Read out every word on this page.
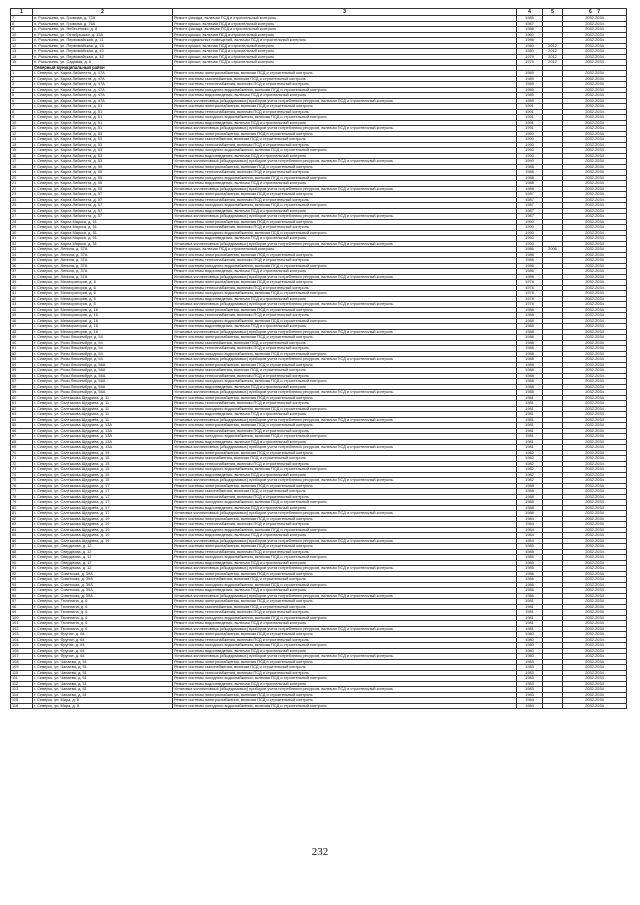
1	2	3	4	5	6 7
7	п. Розыльево, ул. Громова, д. 72А	Ремонт фасада, включая ПСД и строительный контроль	1985		2032-2034
8	п. Розыльево, ул. Громова, д. 76А	Ремонт крыши, включая ПСД и строительный контроль	1987		2032-2034
9	п. Розыльево, ул. Небесенная, д. 8	Ремонт фасада, включая ПСД и строительный контроль	1986		2032-2034
10	п. Розыльево, ул. Октябрьская, д. 15А	Ремонт крыши, включая ПСД и строительный контроль	1960		2032-2034
11	п. Розыльево, ул. Первомайская, д. 11	Ремонт подвальных помещений, включая ПСД и строительный контроль	1986		2032-2034
12	п. Розыльево, ул. Первомайская, д. 16	Ремонт крыши, включая ПСД и строительный контроль	1980	2012	2032-2034
13	п. Розыльево, ул. Первомайская, д. 40	Ремонт крыши, включая ПСД и строительный контроль	1980	2012	2032-2034
14	п. Розыльево, ул. Первомайская, д. 42	Ремонт крыши, включая ПСД и строительный контроль	1979	2012	2032-2034
15	п. Розыльево, ул. Садовая, д. 8	Ремонт крыши, включая ПСД и строительный контроль	1979	2012	2032-2034
	Северный муниципальный район				
1	г. Северск, ул. Карла Либкнехта, д. 47А	Ремонт системы электроснабжения, включая ПСД и строительный контроль	1989		2032-2034
2	г. Северск, ул. Карла Либкнехта, д. 47А	Ремонт системы газоснабжения, включая ПСД и строительный контроль	1989		2032-2034
3	г. Северск, ул. Карла Либкнехта, д. 47А	Ремонт системы теплоснабжения, включая ПСД и строительный контроль	1989		2032-2034
4	г. Северск, ул. Карла Либкнехта, д. 47А	Ремонт системы холодного водоснабжения, включая ПСД и строительный контроль	1989		2032-2034
5	г. Северск, ул. Карла Либкнехта, д. 47А	Ремонт системы водоотведения, включая ПСД и строительный контроль	1989		2032-2034
6	г. Северск, ул. Карла Либкнехта, д. 47А	Установка коллективных (общедомовых) приборов учета потребления ресурсов, включая ПСД и строительный контроль	1989		2032-2034
7	г. Северск, ул. Карла Либкнехта, д. 51	Ремонт системы электроснабжения, включая ПСД и строительный контроль	1991		2032-2034
8	г. Северск, ул. Карла Либкнехта, д. 51	Ремонт системы теплоснабжения, включая ПСД и строительный контроль	1991		2032-2034
9	г. Северск, ул. Карла Либкнехта, д. 51	Ремонт системы холодного водоснабжения, включая ПСД и строительный контроль	1991		2032-2034
10	г. Северск, ул. Карла Либкнехта, д. 51	Ремонт системы водоотведения, включая ПСД и строительный контроль	1991		2032-2034
11	г. Северск, ул. Карла Либкнехта, д. 51	Установка коллективных (общедомовых) приборов учета потребления ресурсов, включая ПСД и строительный контроль	1991		2032-2034
12	г. Северск, ул. Карла Либкнехта, д. 53	Ремонт системы электроснабжения, включая ПСД и строительный контроль	1990		2032-2034
13	г. Северск, ул. Карла Либкнехта, д. 53	Ремонт системы газоснабжения, включая ПСД и строительный контроль	1990		2032-2034
14	г. Северск, ул. Карла Либкнехта, д. 53	Ремонт системы теплоснабжения, включая ПСД и строительный контроль	1990		2032-2034
15	г. Северск, ул. Карла Либкнехта, д. 53	Ремонт системы холодного водоснабжения, включая ПСД и строительный контроль	1990		2032-2034
16	г. Северск, ул. Карла Либкнехта, д. 53	Ремонт системы водоотведения, включая ПСД и строительный контроль	1990		2032-2034
17	г. Северск, ул. Карла Либкнехта, д. 53	Установка коллективных (общедомовых) приборов учета потребления ресурсов, включая ПСД и строительный контроль	1990		2032-2034
18	г. Северск, ул. Карла Либкнехта, д. 55	Ремонт системы электроснабжения, включая ПСД и строительный контроль	1988		2032-2034
19	г. Северск, ул. Карла Либкнехта, д. 55	Ремонт системы теплоснабжения, включая ПСД и строительный контроль	1988		2032-2034
20	г. Северск, ул. Карла Либкнехта, д. 55	Ремонт системы холодного водоснабжения, включая ПСД и строительный контроль	1988		2032-2034
21	г. Северск, ул. Карла Либкнехта, д. 55	Ремонт системы водоотведения, включая ПСД и строительный контроль	1988		2032-2034
22	г. Северск, ул. Карла Либкнехта, д. 55	Установка коллективных (общедомовых) приборов учета потребления ресурсов, включая ПСД и строительный контроль	1988		2032-2034
23	г. Северск, ул. Карла Либкнехта, д. 57	Ремонт системы электроснабжения, включая ПСД и строительный контроль	1987		2032-2034
24	г. Северск, ул. Карла Либкнехта, д. 57	Ремонт системы теплоснабжения, включая ПСД и строительный контроль	1987		2032-2034
25	г. Северск, ул. Карла Либкнехта, д. 57	Ремонт системы холодного водоснабжения, включая ПСД и строительный контроль	1987		2032-2034
26	г. Северск, ул. Карла Либкнехта, д. 57	Ремонт системы водоотведения, включая ПСД и строительный контроль	1987		2032-2034
27	г. Северск, ул. Карла Либкнехта, д. 57	Установка коллективных (общедомовых) приборов учета потребления ресурсов, включая ПСД и строительный контроль	1987		2032-2034
28	г. Северск, ул. Карла Маркса, д. 51	Ремонт системы электроснабжения, включая ПСД и строительный контроль	1990		2032-2034
29	г. Северск, ул. Карла Маркса, д. 51	Ремонт системы теплоснабжения, включая ПСД и строительный контроль	1990		2032-2034
30	г. Северск, ул. Карла Маркса, д. 51	Ремонт системы холодного водоснабжения, включая ПСД и строительный контроль	1990		2032-2034
31	г. Северск, ул. Карла Маркса, д. 51	Ремонт системы водоотведения, включая ПСД и строительный контроль	1990		2032-2034
32	г. Северск, ул. Карла Маркса, д. 51	Установка коллективных (общедомовых) приборов учета потребления ресурсов, включая ПСД и строительный контроль	1990		2032-2034
33	г. Северск, ул. Ленина, д. 37А	Ремонт крыши, включая ПСД и строительный контроль	1986	2006	2032-2034
34	г. Северск, ул. Ленина, д. 37А	Ремонт системы электроснабжения, включая ПСД и строительный контроль	1986		2032-2034
35	г. Северск, ул. Ленина, д. 37А	Ремонт системы теплоснабжения, включая ПСД и строительный контроль	1986		2032-2034
36	г. Северск, ул. Ленина, д. 37А	Ремонт системы холодного водоснабжения, включая ПСД и строительный контроль	1986		2032-2034
37	г. Северск, ул. Ленина, д. 37А	Ремонт системы водоотведения, включая ПСД и строительный контроль	1986		2032-2034
38	г. Северск, ул. Ленина, д. 37А	Установка коллективных (общедомовых) приборов учета потребления ресурсов, включая ПСД и строительный контроль	1986		2032-2034
39	г. Северск, ул. Мелиораторов, д. 6	Ремонт системы электроснабжения, включая ПСД и строительный контроль	1978		2032-2034
40	г. Северск, ул. Мелиораторов, д. 6	Ремонт системы теплоснабжения, включая ПСД и строительный контроль	1978		2032-2034
41	г. Северск, ул. Мелиораторов, д. 6	Ремонт системы холодного водоснабжения, включая ПСД и строительный контроль	1978		2032-2034
42	г. Северск, ул. Мелиораторов, д. 6	Ремонт системы водоотведения, включая ПСД и строительный контроль	1978		2032-2034
43	г. Северск, ул. Мелиораторов, д. 6	Установка коллективных (общедомовых) приборов учета потребления ресурсов, включая ПСД и строительный контроль	1978		2032-2034
44	г. Северск, ул. Мелиораторов, д. 16	Ремонт системы электроснабжения, включая ПСД и строительный контроль	1988		2032-2034
45	г. Северск, ул. Мелиораторов, д. 16	Ремонт системы теплоснабжения, включая ПСД и строительный контроль	1988		2032-2034
46	г. Северск, ул. Мелиораторов, д. 16	Ремонт системы холодного водоснабжения, включая ПСД и строительный контроль	1988		2032-2034
47	г. Северск, ул. Мелиораторов, д. 16	Ремонт системы водоотведения, включая ПСД и строительный контроль	1988		2032-2034
48	г. Северск, ул. Мелиораторов, д. 16	Установка коллективных (общедомовых) приборов учета потребления ресурсов, включая ПСД и строительный контроль	1988		2032-2034
49	г. Северск, ул. Розы Люксембург, д. 54	Ремонт системы электроснабжения, включая ПСД и строительный контроль	1988		2032-2034
50	г. Северск, ул. Розы Люксембург, д. 54	Ремонт системы газоснабжения, включая ПСД и строительный контроль	1988		2032-2034
51	г. Северск, ул. Розы Люксембург, д. 54	Ремонт системы теплоснабжения, включая ПСД и строительный контроль	1988		2032-2034
52	г. Северск, ул. Розы Люксембург, д. 54	Ремонт системы холодного водоснабжения, включая ПСД и строительный контроль	1988		2032-2034
53	г. Северск, ул. Розы Люксембург, д. 54	Установка коллективных (общедомовых) приборов учета потребления ресурсов, включая ПСД и строительный контроль	1988		2032-2034
54	г. Северск, ул. Розы Люксембург, д. 56А	Ремонт системы электроснабжения, включая ПСД и строительный контроль	1988		2032-2034
55	г. Северск, ул. Розы Люксембург, д. 56А	Ремонт системы газоснабжения, включая ПСД и строительный контроль	1988		2032-2034
56	г. Северск, ул. Розы Люксембург, д. 56А	Ремонт системы теплоснабжения, включая ПСД и строительный контроль	1988		2032-2034
57	г. Северск, ул. Розы Люксембург, д. 56А	Ремонт системы холодного водоснабжения, включая ПСД и строительный контроль	1988		2032-2034
58	г. Северск, ул. Розы Люксембург, д. 56А	Ремонт системы водоотведения, включая ПСД и строительный контроль	1988		2032-2034
59	г. Северск, ул. Розы Люксембург, д. 56А	Установка коллективных (общедомовых) приборов учета потребления ресурсов, включая ПСД и строительный контроль	1988		2032-2034
60	г. Северск, ул. Салтыкова-Щедрина, д. 11	Ремонт системы электроснабжения, включая ПСД и строительный контроль	1981		2032-2034
61	г. Северск, ул. Салтыкова-Щедрина, д. 11	Ремонт системы теплоснабжения, включая ПСД и строительный контроль	1981		2032-2034
62	г. Северск, ул. Салтыкова-Щедрина, д. 11	Ремонт системы холодного водоснабжения, включая ПСД и строительный контроль	1981		2032-2034
63	г. Северск, ул. Салтыкова-Щедрина, д. 11	Ремонт системы водоотведения, включая ПСД и строительный контроль	1981		2032-2034
64	г. Северск, ул. Салтыкова-Щедрина, д. 11	Установка коллективных (общедомовых) приборов учета потребления ресурсов, включая ПСД и строительный контроль	1981		2032-2034
65	г. Северск, ул. Салтыкова-Щедрина, д. 13А	Ремонт системы электроснабжения, включая ПСД и строительный контроль	1981		2032-2034
66	г. Северск, ул. Салтыкова-Щедрина, д. 13А	Ремонт системы теплоснабжения, включая ПСД и строительный контроль	1981		2032-2034
67	г. Северск, ул. Салтыкова-Щедрина, д. 13А	Ремонт системы холодного водоснабжения, включая ПСД и строительный контроль	1981		2032-2034
68	г. Северск, ул. Салтыкова-Щедрина, д. 13А	Ремонт системы водоотведения, включая ПСД и строительный контроль	1981		2032-2034
69	г. Северск, ул. Салтыкова-Щедрина, д. 13А	Установка коллективных (общедомовых) приборов учета потребления ресурсов, включая ПСД и строительный контроль	1981		2032-2034
70	г. Северск, ул. Салтыкова-Щедрина, д. 15	Ремонт системы электроснабжения, включая ПСД и строительный контроль	1982		2032-2034
71	г. Северск, ул. Салтыкова-Щедрина, д. 15	Ремонт системы газоснабжения, включая ПСД и строительный контроль	1982		2032-2034
72	г. Северск, ул. Салтыкова-Щедрина, д. 15	Ремонт системы теплоснабжения, включая ПСД и строительный контроль	1982		2032-2034
73	г. Северск, ул. Салтыкова-Щедрина, д. 15	Ремонт системы холодного водоснабжения, включая ПСД и строительный контроль	1982		2032-2034
74	г. Северск, ул. Салтыкова-Щедрина, д. 15	Ремонт системы водоотведения, включая ПСД и строительный контроль	1982		2032-2034
75	г. Северск, ул. Салтыкова-Щедрина, д. 15	Установка коллективных (общедомовых) приборов учета потребления ресурсов, включая ПСД и строительный контроль	1982		2032-2034
76	г. Северск, ул. Салтыкова-Щедрина, д. 17	Ремонт системы электроснабжения, включая ПСД и строительный контроль	1988		2032-2034
77	г. Северск, ул. Салтыкова-Щедрина, д. 17	Ремонт системы газоснабжения, включая ПСД и строительный контроль	1988		2032-2034
78	г. Северск, ул. Салтыкова-Щедрина, д. 17	Ремонт системы теплоснабжения, включая ПСД и строительный контроль	1988		2032-2034
79	г. Северск, ул. Салтыкова-Щедрина, д. 17	Ремонт системы холодного водоснабжения, включая ПСД и строительный контроль	1988		2032-2034
80	г. Северск, ул. Салтыкова-Щедрина, д. 17	Ремонт системы водоотведения, включая ПСД и строительный контроль	1988		2032-2034
81	г. Северск, ул. Салтыкова-Щедрина, д. 17	Установка коллективных (общедомовых) приборов учета потребления ресурсов, включая ПСД и строительный контроль	1988		2032-2034
82	г. Северск, ул. Салтыкова-Щедрина, д. 19	Ремонт системы электроснабжения, включая ПСД и строительный контроль	1984		2032-2034
83	г. Северск, ул. Салтыкова-Щедрина, д. 19	Ремонт системы теплоснабжения, включая ПСД и строительный контроль	1984		2032-2034
84	г. Северск, ул. Салтыкова-Щедрина, д. 19	Ремонт системы холодного водоснабжения, включая ПСД и строительный контроль	1984		2032-2034
85	г. Северск, ул. Салтыкова-Щедрина, д. 19	Ремонт системы водоотведения, включая ПСД и строительный контроль	1984		2032-2034
86	г. Северск, ул. Салтыкова-Щедрина, д. 19	Установка коллективных (общедомовых) приборов учета потребления ресурсов, включая ПСД и строительный контроль	1984		2032-2034
87	г. Северск, ул. Свердлова, д. 12	Ремонт системы электроснабжения, включая ПСД и строительный контроль	1985		2032-2034
88	г. Северск, ул. Свердлова, д. 12	Ремонт системы теплоснабжения, включая ПСД и строительный контроль	1985		2032-2034
89	г. Северск, ул. Свердлова, д. 12	Ремонт системы холодного водоснабжения, включая ПСД и строительный контроль	1985		2032-2034
90	г. Северск, ул. Свердлова, д. 12	Ремонт системы водоотведения, включая ПСД и строительный контроль	1985		2032-2034
91	г. Северск, ул. Свердлова, д. 12	Установка коллективных (общедомовых) приборов учета потребления ресурсов, включая ПСД и строительный контроль	1985		2032-2034
92	г. Северск, ул. Советская, д. 39А	Ремонт системы электроснабжения, включая ПСД и строительный контроль	1986		2032-2034
93	г. Северск, ул. Советская, д. 39А	Ремонт системы газоснабжения, включая ПСД и строительный контроль	1986		2032-2034
94	г. Северск, ул. Советская, д. 39А	Ремонт системы холодного водоснабжения, включая ПСД и строительный контроль	1986		2032-2034
95	г. Северск, ул. Советская, д. 39А	Ремонт системы водоотведения, включая ПСД и строительный контроль	1986		2032-2034
96	г. Северск, ул. Советская, д. 39А	Установка коллективных (общедомовых) приборов учета потребления ресурсов, включая ПСД и строительный контроль	1986		2032-2034
97	г. Северск, ул. Тюленина, д. 6	Ремонт системы электроснабжения, включая ПСД и строительный контроль	1981		2032-2034
98	г. Северск, ул. Тюленина, д. 6	Ремонт системы газоснабжения, включая ПСД и строительный контроль	1981		2032-2034
99	г. Северск, ул. Тюленина, д. 6	Ремонт системы теплоснабжения, включая ПСД и строительный контроль	1981		2032-2034
100	г. Северск, ул. Тюленина, д. 6	Ремонт системы холодного водоснабжения, включая ПСД и строительный контроль	1981		2032-2034
101	г. Северск, ул. Тюленина, д. 6	Ремонт системы водоотведения, включая ПСД и строительный контроль	1981		2032-2034
102	г. Северск, ул. Тюленина, д. 6	Установка коллективных (общедомовых) приборов учета потребления ресурсов, включая ПСД и строительный контроль	1981		2032-2034
103	г. Северск, ул. Фрунзе, д. 64	Ремонт системы электроснабжения, включая ПСД и строительный контроль	1980		2032-2034
104	г. Северск, ул. Фрунзе, д. 64	Ремонт системы теплоснабжения, включая ПСД и строительный контроль	1980		2032-2034
105	г. Северск, ул. Фрунзе, д. 64	Ремонт системы холодного водоснабжения, включая ПСД и строительный контроль	1980		2032-2034
106	г. Северск, ул. Фрунзе, д. 64	Ремонт системы водоотведения, включая ПСД и строительный контроль	1980		2032-2034
107	г. Северск, ул. Фрунзе, д. 64	Установка коллективных (общедомовых) приборов учета потребления ресурсов, включая ПСД и строительный контроль	1980		2032-2034
108	г. Северск, ул. Чапаева, д. 51	Ремонт системы электроснабжения, включая ПСД и строительный контроль	1983		2032-2034
109	г. Северск, ул. Чапаева, д. 51	Ремонт системы газоснабжения, включая ПСД и строительный контроль	1983		2032-2034
110	г. Северск, ул. Чапаева, д. 51	Ремонт системы теплоснабжения, включая ПСД и строительный контроль	1983		2032-2034
111	г. Северск, ул. Чапаева, д. 51	Ремонт системы холодного водоснабжения, включая ПСД и строительный контроль	1983		2032-2034
112	г. Северск, ул. Чапаева, д. 51	Ремонт системы водоотведения, включая ПСД и строительный контроль	1983		2032-2034
113	г. Северск, ул. Чапаева, д. 51	Установка коллективных (общедомовых) приборов учета потребления ресурсов, включая ПСД и строительный контроль	1983		2032-2034
114	г. Северск, ул. Чапаева, д. 51	Ремонт системы электроснабжения, включая ПСД и строительный контроль	1983		2032-2034
115	г. Северск, ул. Мира, д. 8	Ремонт системы электроснабжения, включая ПСД и строительный контроль	1984		2032-2034
116	г. Северск, ул. Мира, д. 8	Ремонт системы холодного водоснабжения, включая ПСД и строительный контроль	1984		2032-2034
232
